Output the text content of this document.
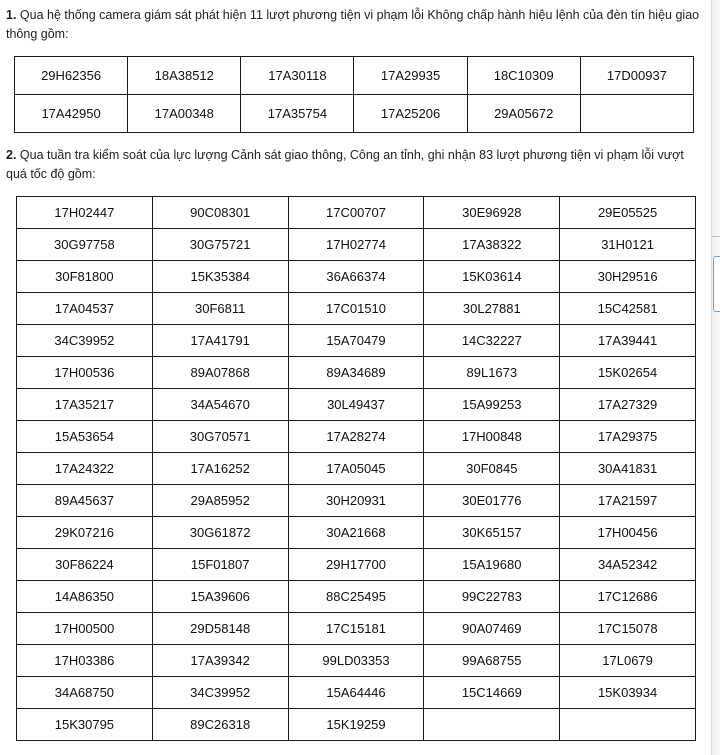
1. Qua hệ thống camera giám sát phát hiện 11 lượt phương tiện vi phạm lỗi Không chấp hành hiệu lệnh của đèn tín hiệu giao thông gồm:

29H62356	18A38512	17A30118	17A29935	18C10309	17D00937
17A42950	17A00348	17A35754	17A25206	29A05672	

2. Qua tuần tra kiểm soát của lực lượng Cảnh sát giao thông, Công an tỉnh, ghi nhận 83 lượt phương tiện vi phạm lỗi vượt quá tốc độ gồm:

17H02447	90C08301	17C00707	30E96928	29E05525
30G97758	30G75721	17H02774	17A38322	31H0121
30F81800	15K35384	36A66374	15K03614	30H29516
17A04537	30F6811	17C01510	30L27881	15C42581
34C39952	17A41791	15A70479	14C32227	17A39441
17H00536	89A07868	89A34689	89L1673	15K02654
17A35217	34A54670	30L49437	15A99253	17A27329
15A53654	30G70571	17A28274	17H00848	17A29375
17A24322	17A16252	17A05045	30F0845	30A41831
89A45637	29A85952	30H20931	30E01776	17A21597
29K07216	30G61872	30A21668	30K65157	17H00456
30F86224	15F01807	29H17700	15A19680	34A52342
14A86350	15A39606	88C25495	99C22783	17C12686
17H00500	29D58148	17C15181	90A07469	17C15078
17H03386	17A39342	99LD03353	99A68755	17L0679
34A68750	34C39952	15A64446	15C14669	15K03934
15K30795	89C26318	15K19259		
